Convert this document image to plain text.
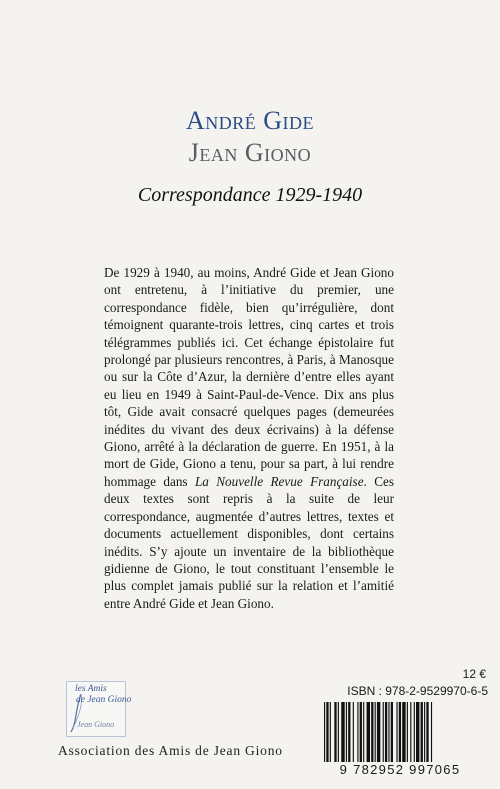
André Gide
Jean Giono
Correspondance 1929-1940
De 1929 à 1940, au moins, André Gide et Jean Giono ont entretenu, à l’initiative du premier, une correspondance fidèle, bien qu’irrégulière, dont témoignent quarante-trois lettres, cinq cartes et trois télégrammes publiés ici. Cet échange épistolaire fut prolongé par plusieurs rencontres, à Paris, à Manosque ou sur la Côte d’Azur, la dernière d’entre elles ayant eu lieu en 1949 à Saint-Paul-de-Vence. Dix ans plus tôt, Gide avait consacré quelques pages (demeurées inédites du vivant des deux écrivains) à la défense Giono, arrêté à la déclaration de guerre. En 1951, à la mort de Gide, Giono a tenu, pour sa part, à lui rendre hommage dans La Nouvelle Revue Française. Ces deux textes sont repris à la suite de leur correspondance, augmentée d’autres lettres, textes et documents actuellement disponibles, dont certains inédits. S’y ajoute un inventaire de la bibliothèque gidienne de Giono, le tout constituant l’ensemble le plus complet jamais publié sur la relation et l’amitié entre André Gide et Jean Giono.
les Amis
de Jean Giono
Jean Giono
Association des Amis de Jean Giono
12 €
ISBN : 978-2-9529970-6-5
9 782952 997065
